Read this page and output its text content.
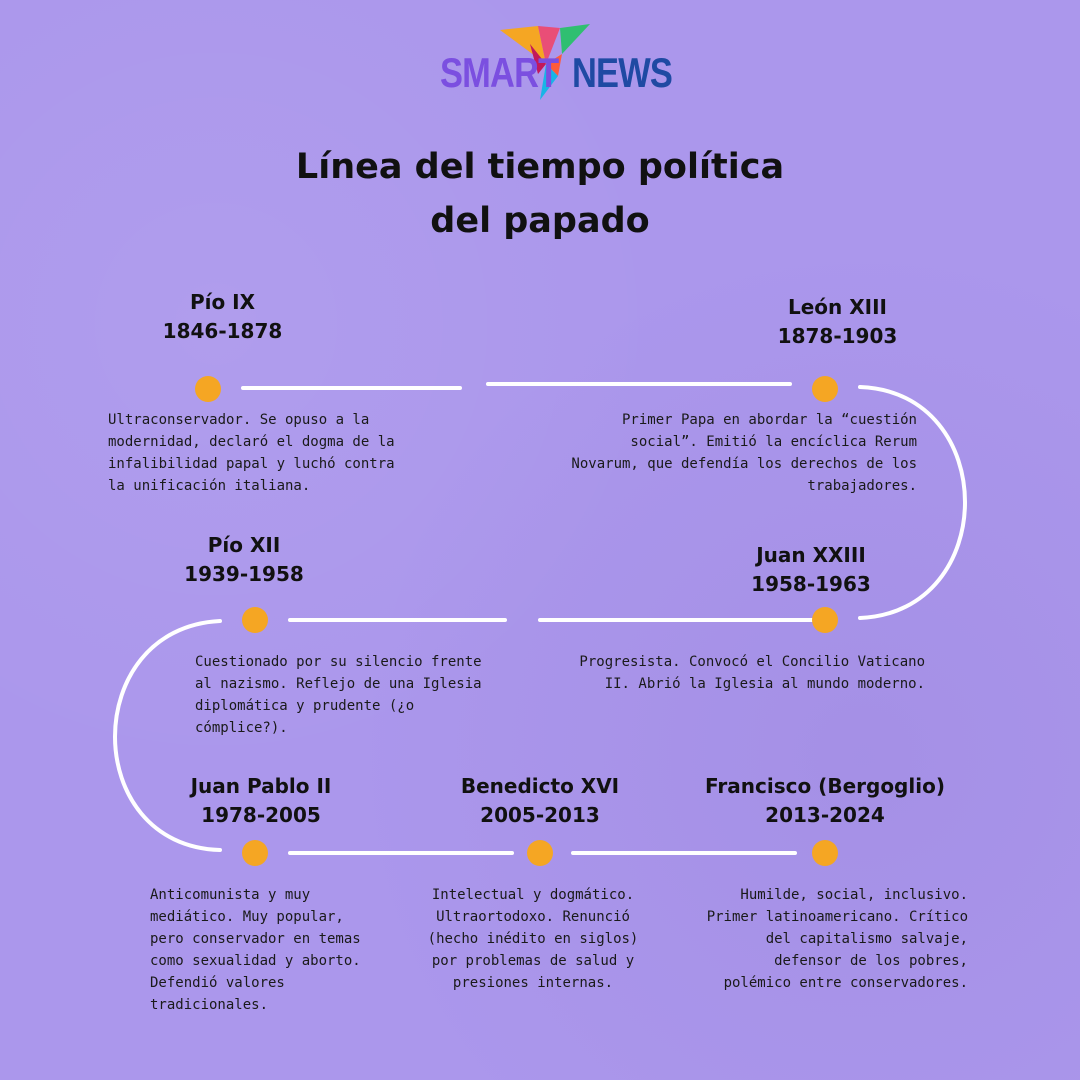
SMART NEWS
Línea del tiempo política
del papado
Pío IX
1846-1878
Ultraconservador. Se opuso a la modernidad, declaró el dogma de la infalibilidad papal y luchó contra la unificación italiana.
León XIII
1878-1903
Primer Papa en abordar la “cuestión social”. Emitió la encíclica Rerum Novarum, que defendía los derechos de los trabajadores.
Pío XII
1939-1958
Cuestionado por su silencio frente al nazismo. Reflejo de una Iglesia diplomática y prudente (¿o cómplice?).
Juan XXIII
1958-1963
Progresista. Convocó el Concilio Vaticano II. Abrió la Iglesia al mundo moderno.
Juan Pablo II
1978-2005
Anticomunista y muy mediático. Muy popular, pero conservador en temas como sexualidad y aborto. Defendió valores tradicionales.
Benedicto XVI
2005-2013
Intelectual y dogmático. Ultraortodoxo. Renunció (hecho inédito en siglos) por problemas de salud y presiones internas.
Francisco (Bergoglio)
2013-2024
Humilde, social, inclusivo. Primer latinoamericano. Crítico del capitalismo salvaje, defensor de los pobres, polémico entre conservadores.
